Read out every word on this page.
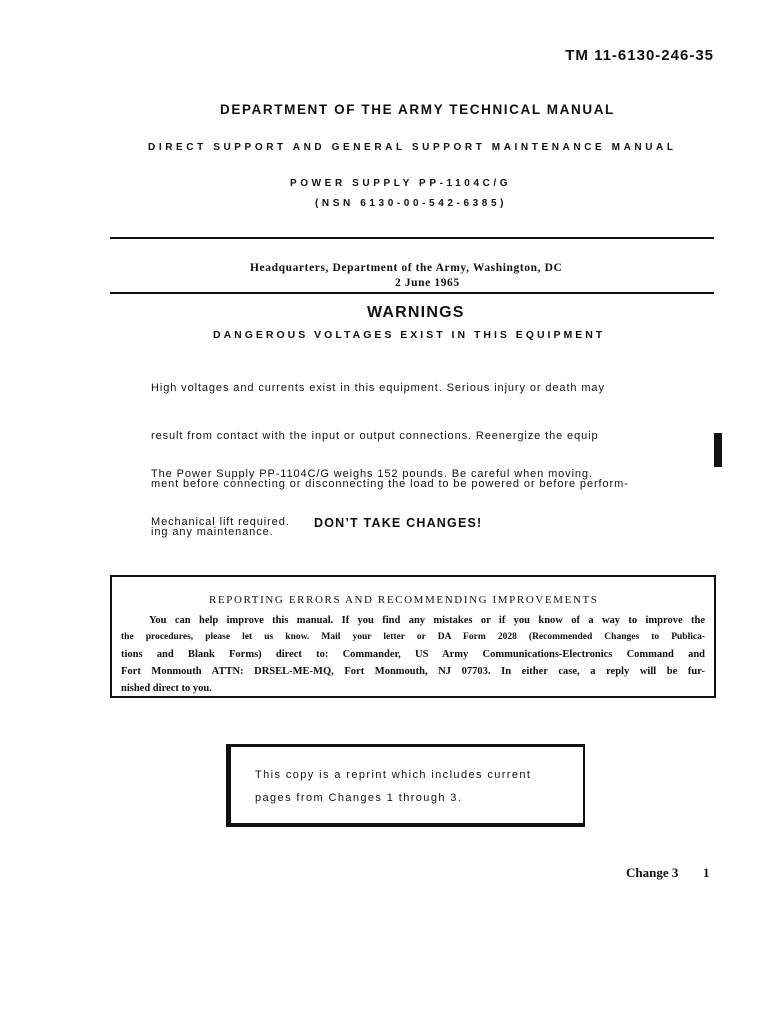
TM 11-6130-246-35
DEPARTMENT OF THE ARMY TECHNICAL MANUAL
DIRECT SUPPORT AND GENERAL SUPPORT MAINTENANCE MANUAL
POWER SUPPLY PP-1104C/G
(NSN 6130-00-542-6385)
Headquarters, Department of the Army, Washington, DC
2 June 1965
WARNINGS
DANGEROUS VOLTAGES EXIST IN THIS EQUIPMENT

High voltages and currents exist in this equipment. Serious injury or death may

result from contact with the input or output connections. Reenergize the equip

ment before connecting or disconnecting the load to be powered or before perform-

ing any maintenance.

The Power Supply PP-1104C/G weighs 152 pounds. Be careful when moving.

Mechanical lift required.	DON’T TAKE CHANGES!
REPORTING ERRORS AND RECOMMENDING IMPROVEMENTS
You can help improve this manual. If you find any mistakes or if you know of a way to improve the
the procedures, please let us know. Mail your letter or DA Form 2028 (Recommended Changes to Publica-
tions and Blank Forms) direct to: Commander, US Army Communications-Electronics Command and
Fort Monmouth ATTN: DRSEL-ME-MQ, Fort Monmouth, NJ 07703. In either case, a reply will be fur-
nished direct to you.
This copy is a reprint which includes current
pages from Changes 1 through 3.
Change 3 1
